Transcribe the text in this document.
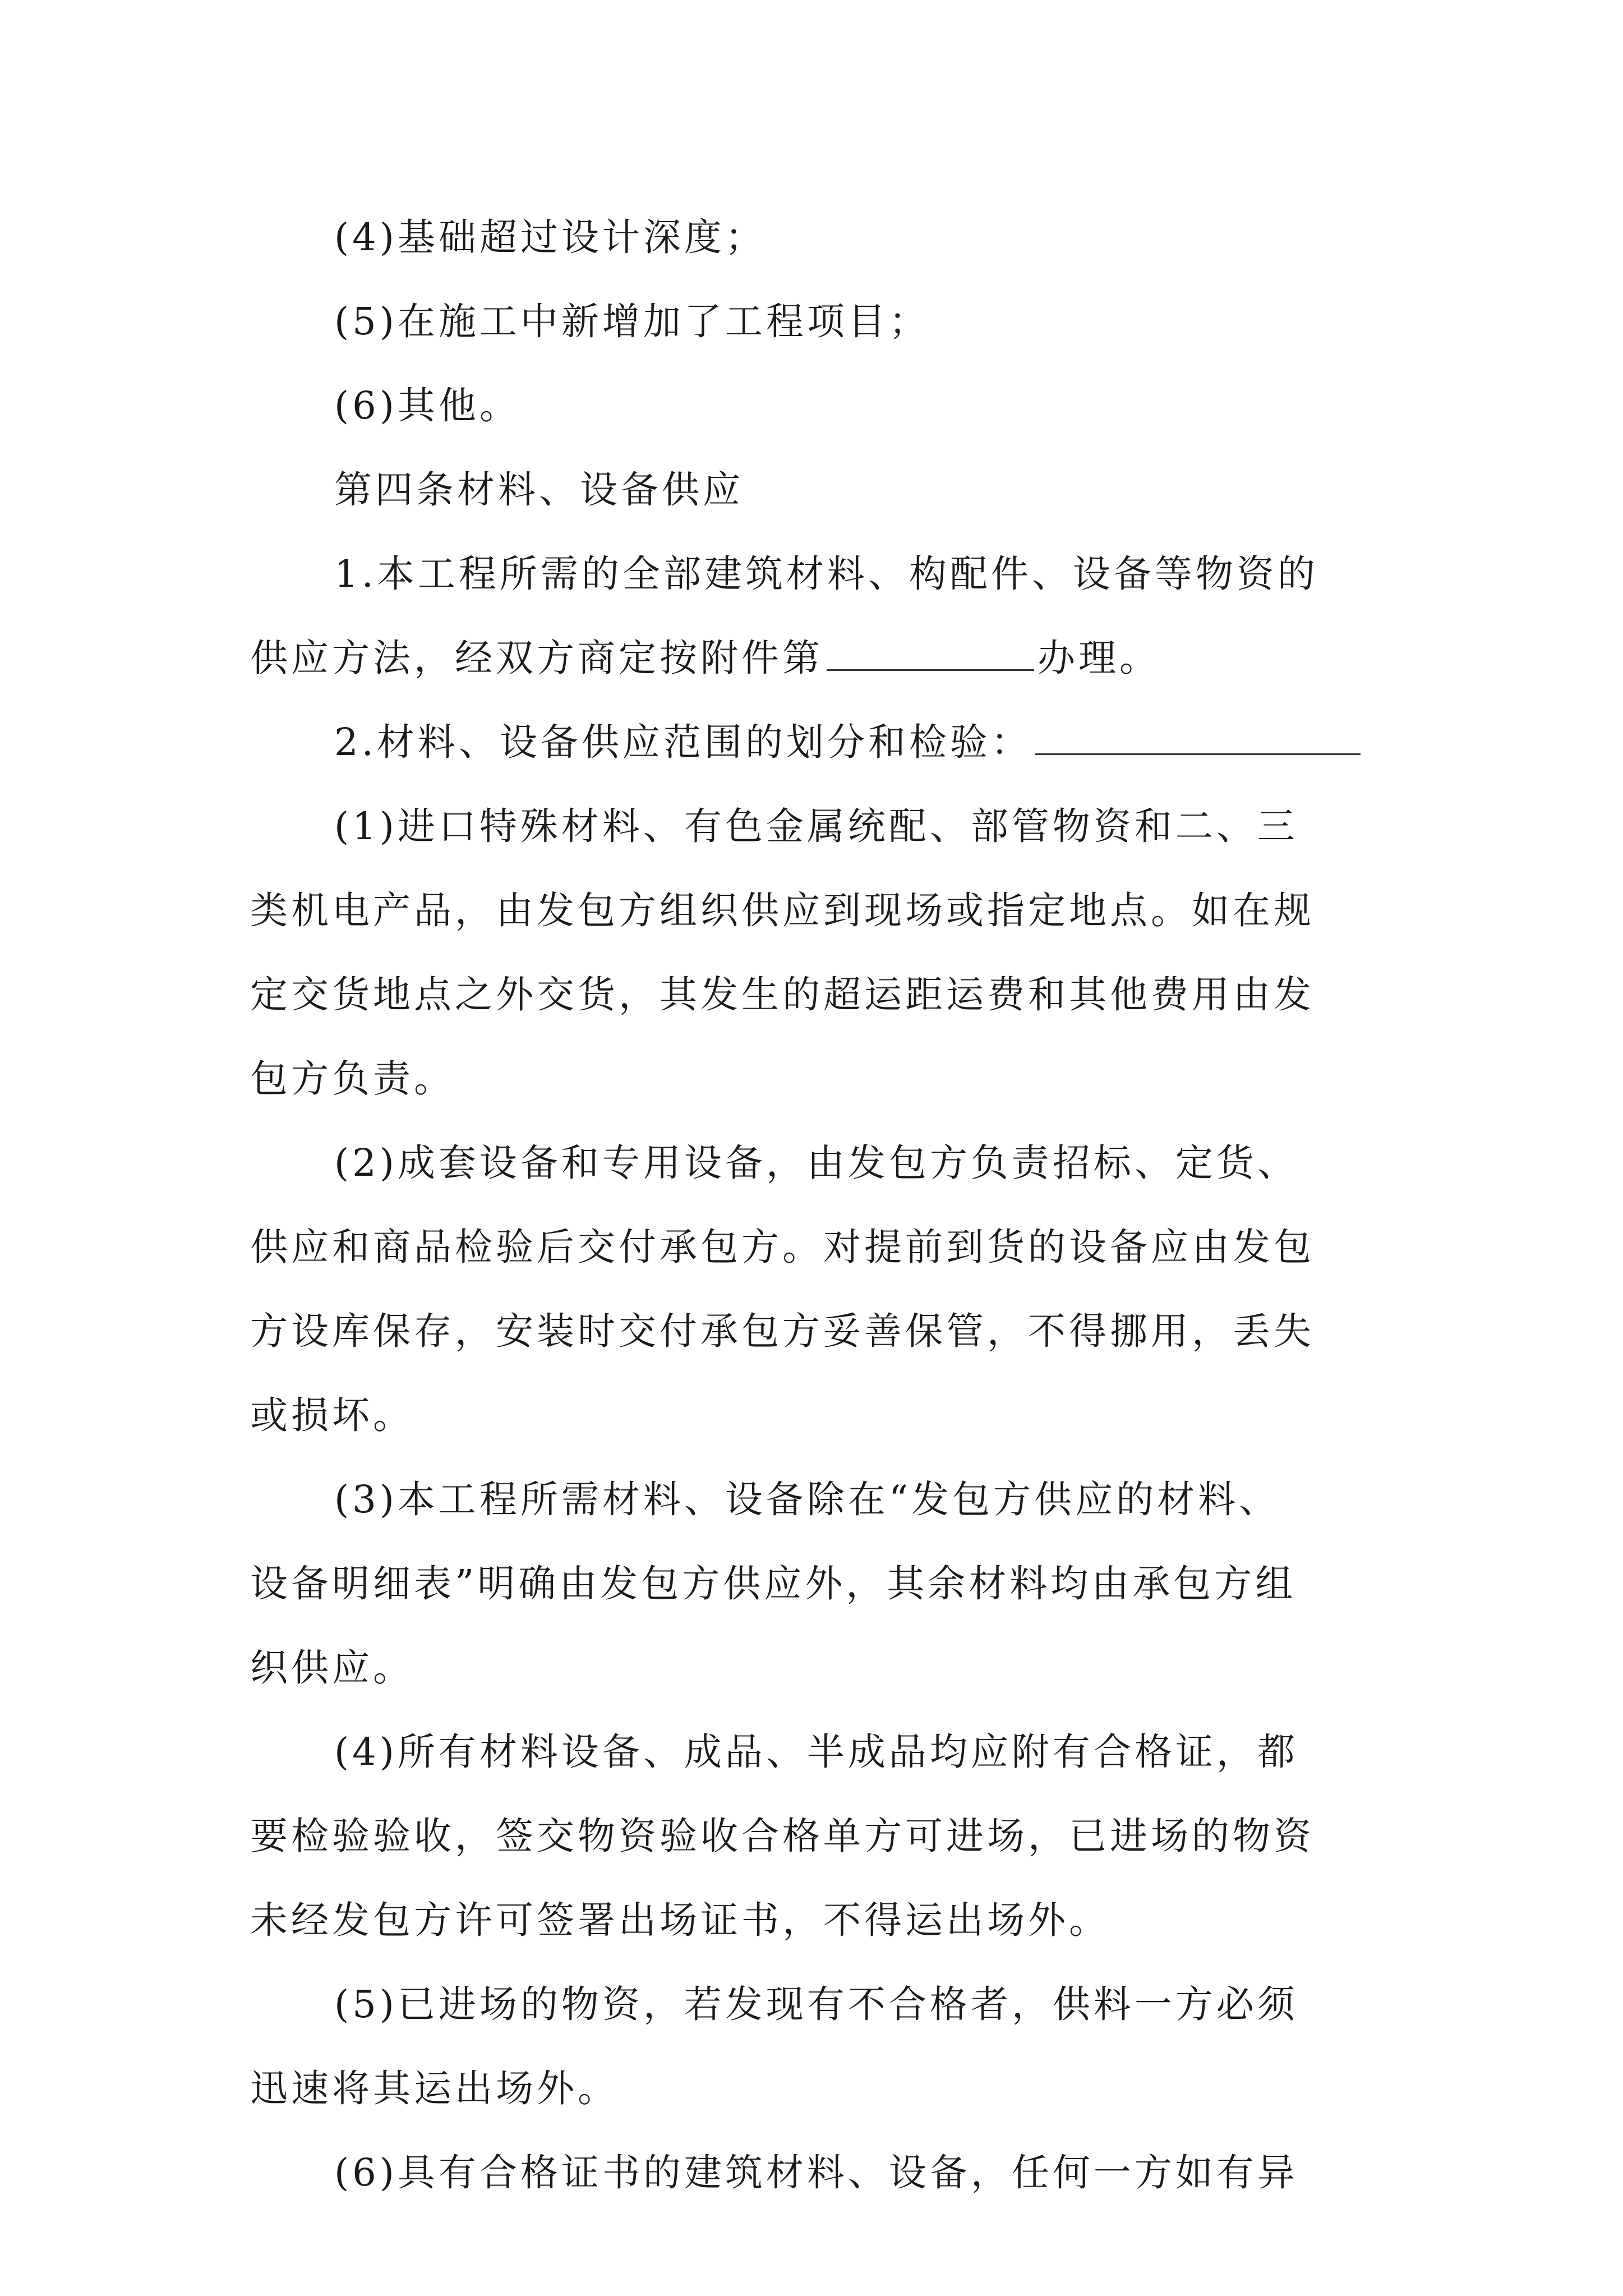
(4)基础超过设计深度；
(5)在施工中新增加了工程项目；
(6)其他。
第四条材料、设备供应
1.本工程所需的全部建筑材料、构配件、设备等物资的
供应方法，经双方商定按附件第	办理。
2.材料、设备供应范围的划分和检验：
(1)进口特殊材料、有色金属统配、部管物资和二、三
类机电产品，由发包方组织供应到现场或指定地点。如在规
定交货地点之外交货，其发生的超运距运费和其他费用由发
包方负责。
(2)成套设备和专用设备，由发包方负责招标、定货、
供应和商品检验后交付承包方。对提前到货的设备应由发包
方设库保存，安装时交付承包方妥善保管，不得挪用，丢失
或损坏。
(3)本工程所需材料、设备除在“发包方供应的材料、
设备明细表”明确由发包方供应外，其余材料均由承包方组
织供应。
(4)所有材料设备、成品、半成品均应附有合格证，都
要检验验收，签交物资验收合格单方可进场，已进场的物资
未经发包方许可签署出场证书，不得运出场外。
(5)已进场的物资，若发现有不合格者，供料一方必须
迅速将其运出场外。
(6)具有合格证书的建筑材料、设备，任何一方如有异
